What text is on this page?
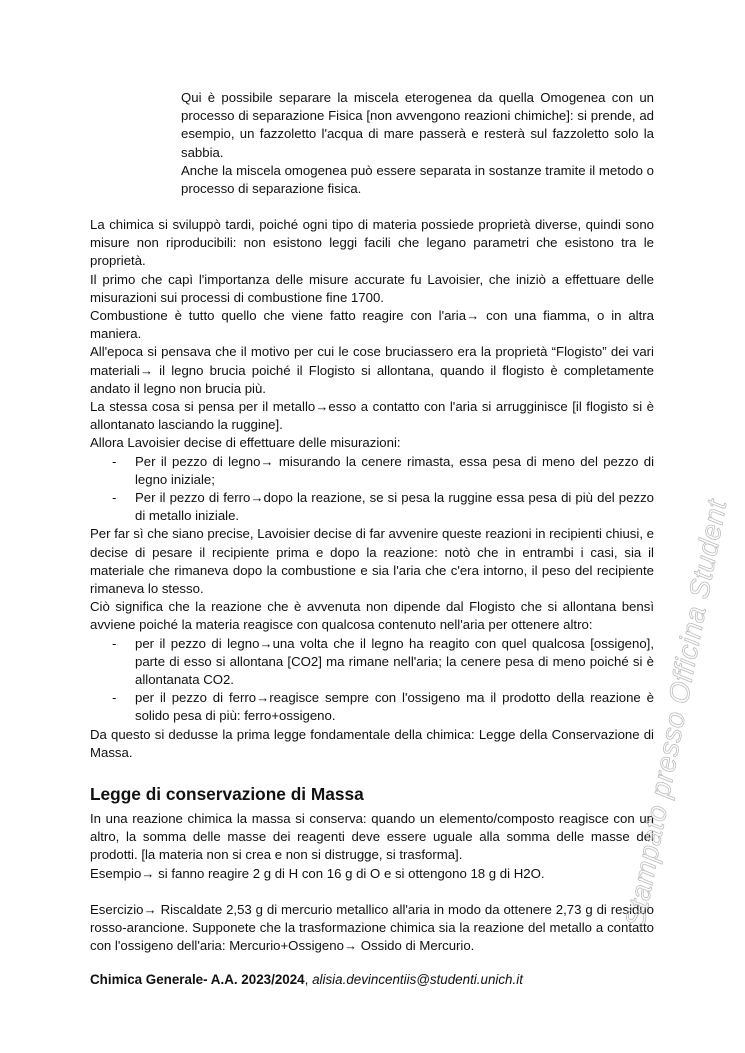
Qui è possibile separare la miscela eterogenea da quella Omogenea con un processo di separazione Fisica [non avvengono reazioni chimiche]: si prende, ad esempio, un fazzoletto l'acqua di mare passerà e resterà sul fazzoletto solo la sabbia.

Anche la miscela omogenea può essere separata in sostanze tramite il metodo o processo di separazione fisica.

La chimica si sviluppò tardi, poiché ogni tipo di materia possiede proprietà diverse, quindi sono misure non riproducibili: non esistono leggi facili che legano parametri che esistono tra le proprietà.

Il primo che capì l'importanza delle misure accurate fu Lavoisier, che iniziò a effettuare delle misurazioni sui processi di combustione fine 1700.

Combustione è tutto quello che viene fatto reagire con l'aria→ con una fiamma, o in altra maniera.

All'epoca si pensava che il motivo per cui le cose bruciassero era la proprietà “Flogisto” dei vari materiali→ il legno brucia poiché il Flogisto si allontana, quando il flogisto è completamente andato il legno non brucia più.

La stessa cosa si pensa per il metallo→esso a contatto con l'aria si arrugginisce [il flogisto si è allontanato lasciando la ruggine].

Allora Lavoisier decise di effettuare delle misurazioni:

- Per il pezzo di legno→ misurando la cenere rimasta, essa pesa di meno del pezzo di legno iniziale;
- Per il pezzo di ferro→dopo la reazione, se si pesa la ruggine essa pesa di più del pezzo di metallo iniziale.

Per far sì che siano precise, Lavoisier decise di far avvenire queste reazioni in recipienti chiusi, e decise di pesare il recipiente prima e dopo la reazione: notò che in entrambi i casi, sia il materiale che rimaneva dopo la combustione e sia l'aria che c'era intorno, il peso del recipiente rimaneva lo stesso.

Ciò significa che la reazione che è avvenuta non dipende dal Flogisto che si allontana bensì avviene poiché la materia reagisce con qualcosa contenuto nell'aria per ottenere altro:

- per il pezzo di legno→una volta che il legno ha reagito con quel qualcosa [ossigeno], parte di esso si allontana [CO2] ma rimane nell'aria; la cenere pesa di meno poiché si è allontanata CO2.
- per il pezzo di ferro→reagisce sempre con l'ossigeno ma il prodotto della reazione è solido pesa di più: ferro+ossigeno.

Da questo si dedusse la prima legge fondamentale della chimica: Legge della Conservazione di Massa.

Legge di conservazione di Massa

In una reazione chimica la massa si conserva: quando un elemento/composto reagisce con un altro, la somma delle masse dei reagenti deve essere uguale alla somma delle masse dei prodotti. [la materia non si crea e non si distrugge, si trasforma].

Esempio→ si fanno reagire 2 g di H con 16 g di O e si ottengono 18 g di H2O.

Esercizio→ Riscaldate 2,53 g di mercurio metallico all'aria in modo da ottenere 2,73 g di residuo rosso-arancione. Supponete che la trasformazione chimica sia la reazione del metallo a contatto con l'ossigeno dell'aria: Mercurio+Ossigeno→ Ossido di Mercurio.

Chimica Generale- A.A. 2023/2024, alisia.devincentiis@studenti.unich.it
Stampato presso Officina Student
